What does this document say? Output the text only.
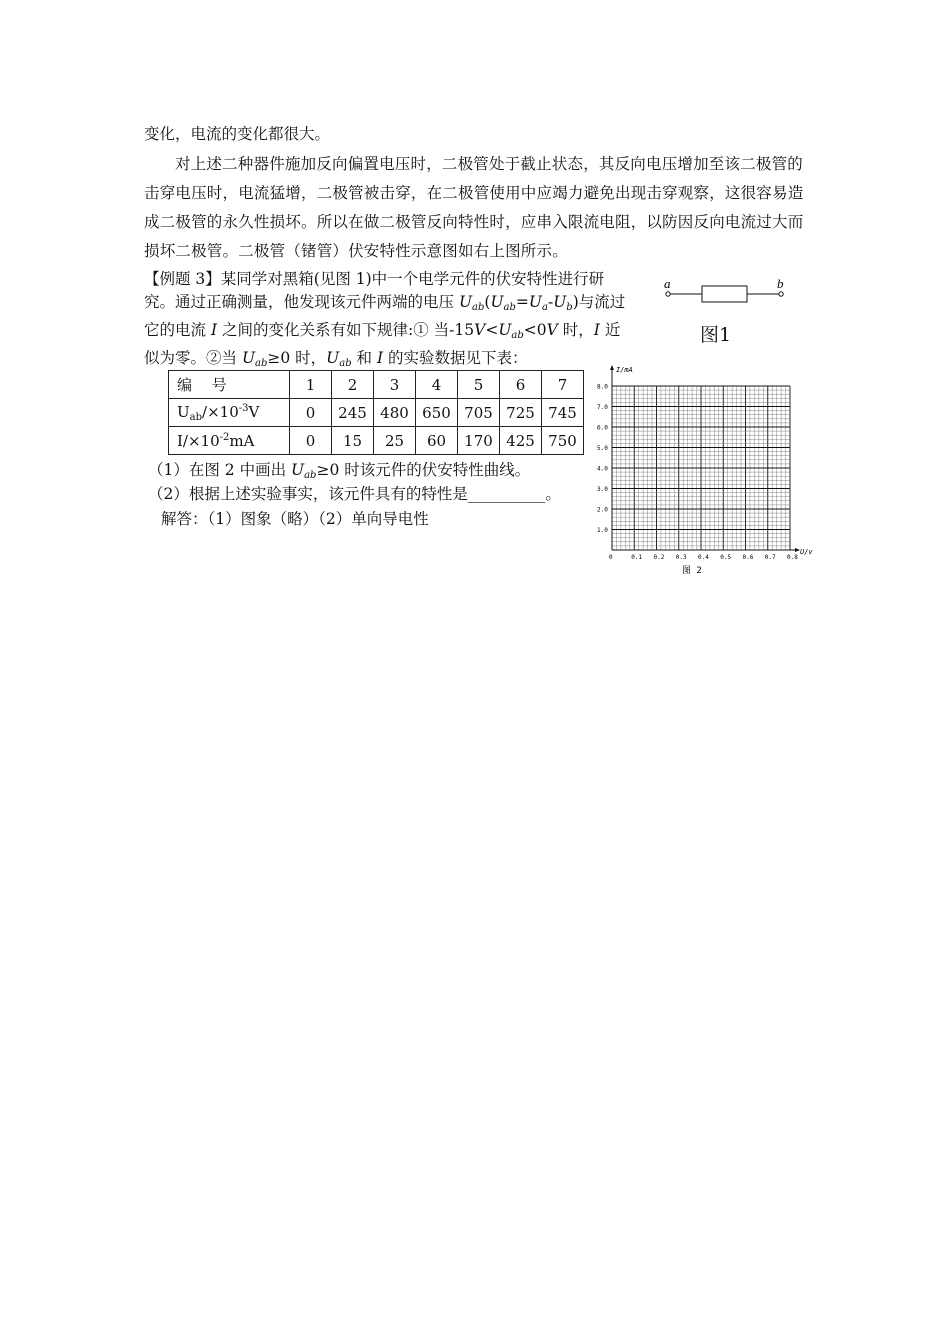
变化，电流的变化都很大。
对上述二种器件施加反向偏置电压时，二极管处于截止状态，其反向电压增加至该二极管的击穿电压时，电流猛增，二极管被击穿，在二极管使用中应竭力避免出现击穿观察，这很容易造成二极管的永久性损坏。所以在做二极管反向特性时，应串入限流电阻，以防因反向电流过大而损坏二极管。二极管（锗管）伏安特性示意图如右上图所示。
【例题 3】某同学对黑箱(见图 1)中一个电学元件的伏安特性进行研
究。通过正确测量，他发现该元件两端的电压 $U_{ab}(U_{ab}=U_a-U_b)$与流过
它的电流 I 之间的变化关系有如下规律:① 当$-15V<U_{ab}<0V$ 时，I 近
似为零。②当 $U_{ab}\ge 0$ 时，$U_{ab}$ 和 I 的实验数据见下表：
a	b
图1
编　 号	1	2	3	4	5	6	7
$U_{ab}/\times 10^{-3}V$	0	245	480	650	705	725	745
$I/\times 10^{-2}mA$	0	15	25	60	170	425	750
（1）在图 2 中画出 $U_{ab}\ge 0$ 时该元件的伏安特性曲线。
（2）根据上述实验事实，该元件具有的特性是__________。
解答：（1）图象（略）（2）单向导电性
1.0
2.0
3.0
4.0
5.0
6.0
7.0
8.0
0	0.1 0.2 0.3 0.4 0.5 0.6 0.7 0.8
I/mA
U/v
图 2
